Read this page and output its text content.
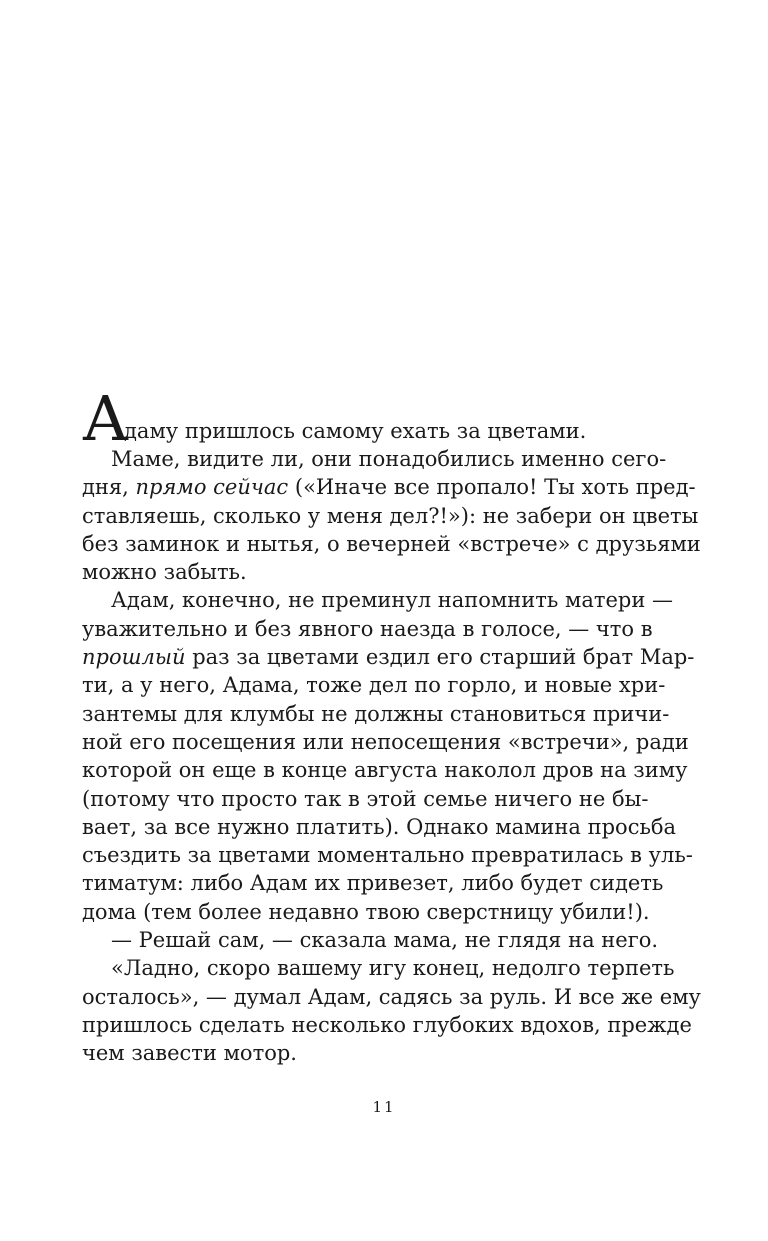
А
даму пришлось самому ехать за цветами.
Маме, видите ли, они понадобились именно сего-
дня, прямо сейчас («Иначе все пропало! Ты хоть пред-
ставляешь, сколько у меня дел?!»): не забери он цветы
без заминок и нытья, о вечерней «встрече» с друзьями
можно забыть.
Адам, конечно, не преминул напомнить матери —
уважительно и без явного наезда в голосе, — что в
прошлый раз за цветами ездил его старший брат Мар-
ти, а у него, Адама, тоже дел по горло, и новые хри-
зантемы для клумбы не должны становиться причи-
ной его посещения или непосещения «встречи», ради
которой он еще в конце августа наколол дров на зиму
(потому что просто так в этой семье ничего не бы-
вает, за все нужно платить). Однако мамина просьба
съездить за цветами моментально превратилась в уль-
тиматум: либо Адам их привезет, либо будет сидеть
дома (тем более недавно твою сверстницу убили!).
— Решай сам, — сказала мама, не глядя на него.
«Ладно, скоро вашему игу конец, недолго терпеть
осталось», — думал Адам, садясь за руль. И все же ему
пришлось сделать несколько глубоких вдохов, прежде
чем завести мотор.
11
